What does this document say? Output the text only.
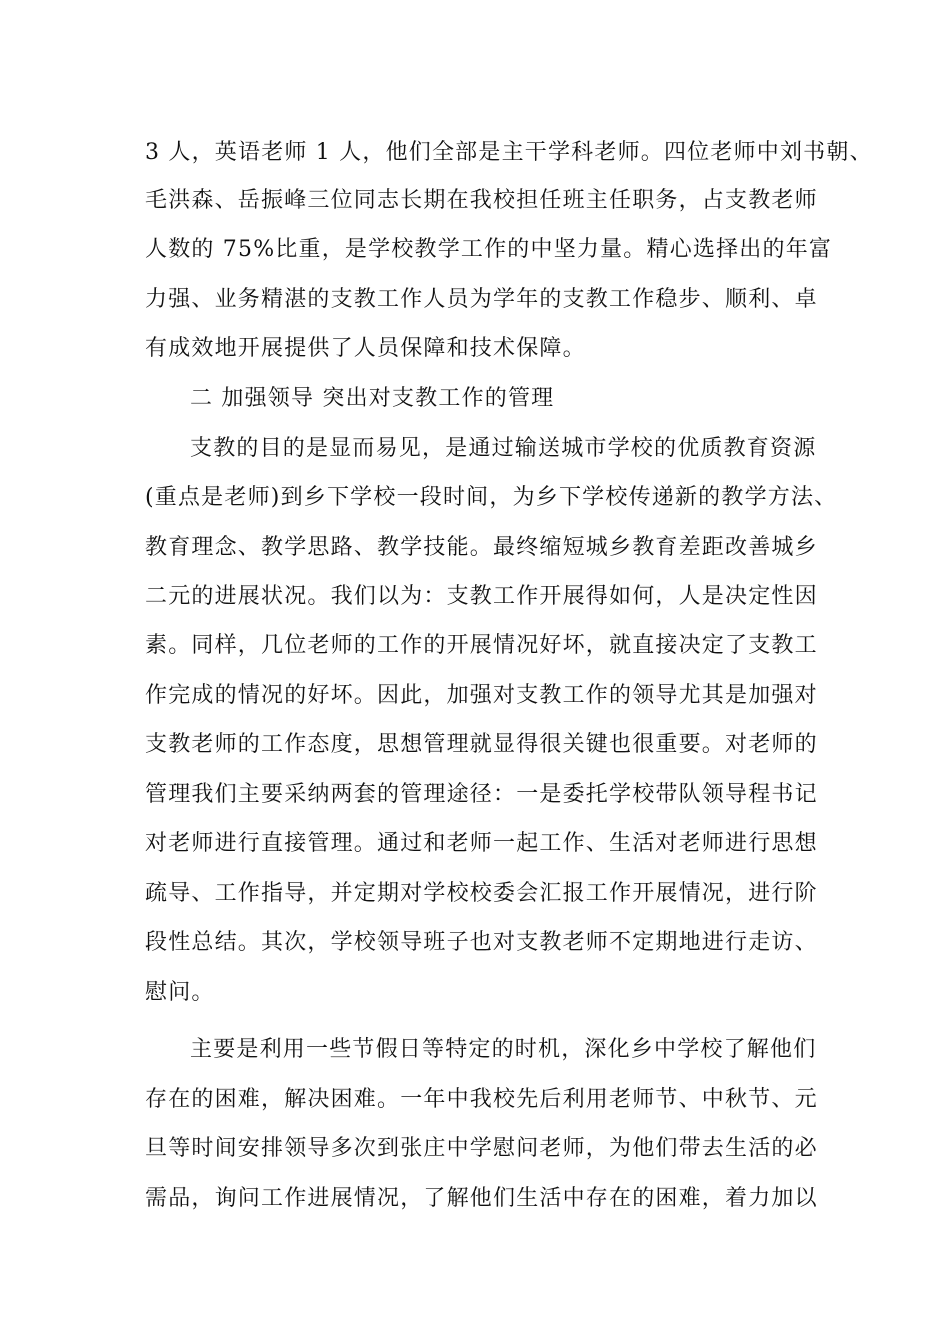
3 人，英语老师 1 人，他们全部是主干学科老师。四位老师中刘书朝、
毛洪森、岳振峰三位同志长期在我校担任班主任职务，占支教老师
人数的 75%比重，是学校教学工作的中坚力量。精心选择出的年富
力强、业务精湛的支教工作人员为学年的支教工作稳步、顺利、卓
有成效地开展提供了人员保障和技术保障。
二 加强领导 突出对支教工作的管理
支教的目的是显而易见，是通过输送城市学校的优质教育资源
(重点是老师)到乡下学校一段时间，为乡下学校传递新的教学方法、
教育理念、教学思路、教学技能。最终缩短城乡教育差距改善城乡
二元的进展状况。我们以为：支教工作开展得如何，人是决定性因
素。同样，几位老师的工作的开展情况好坏，就直接决定了支教工
作完成的情况的好坏。因此，加强对支教工作的领导尤其是加强对
支教老师的工作态度，思想管理就显得很关键也很重要。对老师的
管理我们主要采纳两套的管理途径：一是委托学校带队领导程书记
对老师进行直接管理。通过和老师一起工作、生活对老师进行思想
疏导、工作指导，并定期对学校校委会汇报工作开展情况，进行阶
段性总结。其次，学校领导班子也对支教老师不定期地进行走访、
慰问。
主要是利用一些节假日等特定的时机，深化乡中学校了解他们
存在的困难，解决困难。一年中我校先后利用老师节、中秋节、元
旦等时间安排领导多次到张庄中学慰问老师，为他们带去生活的必
需品，询问工作进展情况，了解他们生活中存在的困难，着力加以
